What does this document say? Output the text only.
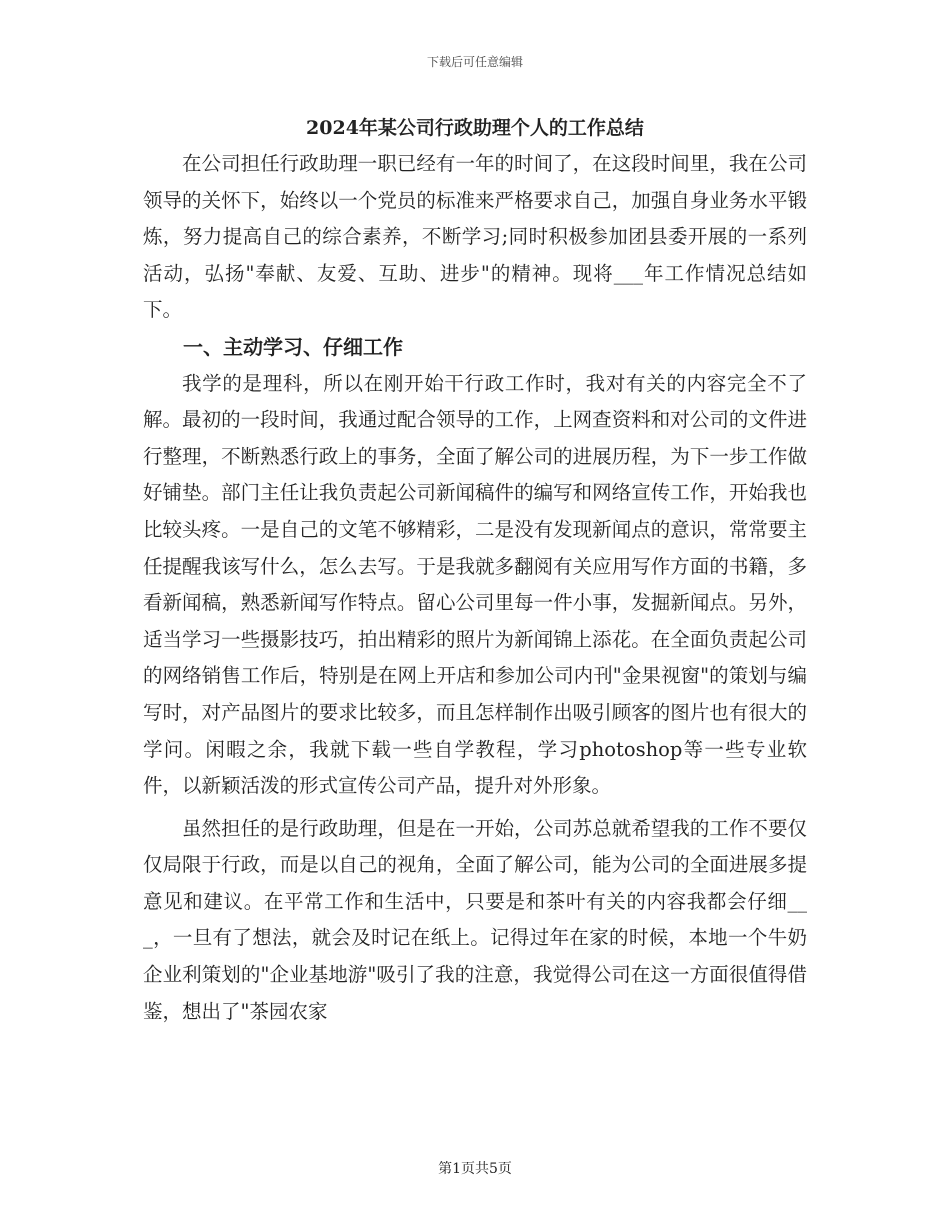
下载后可任意编辑
2024年某公司行政助理个人的工作总结

在公司担任行政助理一职已经有一年的时间了，在这段时间里，我在公司领导的关怀下，始终以一个党员的标准来严格要求自己，加强自身业务水平锻炼，努力提高自己的综合素养，不断学习;同时积极参加团县委开展的一系列活动，弘扬"奉献、友爱、互助、进步"的精神。现将___年工作情况总结如下。

一、主动学习、仔细工作

我学的是理科，所以在刚开始干行政工作时，我对有关的内容完全不了解。最初的一段时间，我通过配合领导的工作，上网查资料和对公司的文件进行整理，不断熟悉行政上的事务，全面了解公司的进展历程，为下一步工作做好铺垫。部门主任让我负责起公司新闻稿件的编写和网络宣传工作，开始我也比较头疼。一是自己的文笔不够精彩，二是没有发现新闻点的意识，常常要主任提醒我该写什么，怎么去写。于是我就多翻阅有关应用写作方面的书籍，多看新闻稿，熟悉新闻写作特点。留心公司里每一件小事，发掘新闻点。另外，适当学习一些摄影技巧，拍出精彩的照片为新闻锦上添花。在全面负责起公司的网络销售工作后，特别是在网上开店和参加公司内刊"金果视窗"的策划与编写时，对产品图片的要求比较多，而且怎样制作出吸引顾客的图片也有很大的学问。闲暇之余，我就下载一些自学教程，学习photoshop等一些专业软件，以新颖活泼的形式宣传公司产品，提升对外形象。

虽然担任的是行政助理，但是在一开始，公司苏总就希望我的工作不要仅仅局限于行政，而是以自己的视角，全面了解公司，能为公司的全面进展多提意见和建议。在平常工作和生活中，只要是和茶叶有关的内容我都会仔细___，一旦有了想法，就会及时记在纸上。记得过年在家的时候，本地一个牛奶企业利策划的"企业基地游"吸引了我的注意，我觉得公司在这一方面很值得借鉴，想出了"茶园农家

第1页共5页
